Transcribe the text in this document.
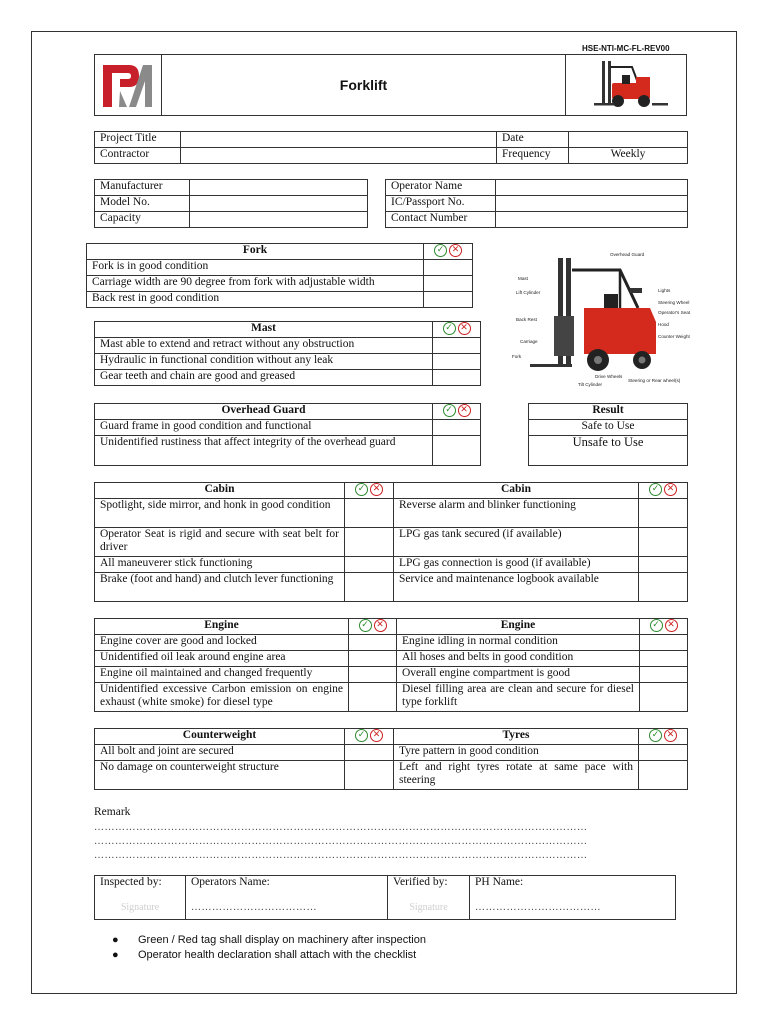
HSE-NTI-MC-FL-REV00
Forklift
Project Title		Date	
Contractor		Frequency	Weekly
Manufacturer	
Model No.	
Capacity	
Operator Name	
IC/Passport No.	
Contact Number	
Fork	✓ ✕

Fork is in good condition	
Carriage width are 90 degree from fork with adjustable width	
Back rest in good condition	
Mast	✓ ✕

Mast able to extend and retract without any obstruction	
Hydraulic in functional condition without any leak	
Gear teeth and chain are good and greased	
Overhead Guard
Mast
Lift Cylinder
Back Rest
Carriage
Fork
Lights
Steering Wheel
Operator's Seat
Hood
Counter Weight
Drive Wheels
Tilt Cylinder
Steering or Rear wheel(s)
Overhead Guard	✓ ✕

Guard frame in good condition and functional	
Unidentified rustiness that affect integrity of the overhead guard	
Result
Safe to Use
Unsafe to Use
Cabin	✓ ✕	Cabin	✓ ✕

Spotlight, side mirror, and honk in good condition		Reverse alarm and blinker functioning	
Operator Seat is rigid and secure with seat belt for driver		LPG gas tank secured (if available)	
All maneuverer stick functioning		LPG gas connection is good (if available)	
Brake (foot and hand) and clutch lever functioning		Service and maintenance logbook available	
Engine	✓ ✕	Engine	✓ ✕

Engine cover are good and locked		Engine idling in normal condition	
Unidentified oil leak around engine area		All hoses and belts in good condition	
Engine oil maintained and changed frequently		Overall engine compartment is good	
Unidentified excessive Carbon emission on engine exhaust (white smoke) for diesel type		Diesel filling area are clean and secure for diesel type forklift	
Counterweight	✓ ✕	Tyres	✓ ✕

All bolt and joint are secured		Tyre pattern in good condition	
No damage on counterweight structure		Left and right tyres rotate at same pace with steering	
Remark
……………………………………………………………………………………………………………………………
……………………………………………………………………………………………………………………………
……………………………………………………………………………………………………………………………
Inspected by:
Signature
	Operators Name:
………………………………
	Verified by:
Signature
	PH Name:
………………………………
● Green / Red tag shall display on machinery after inspection
● Operator health declaration shall attach with the checklist
